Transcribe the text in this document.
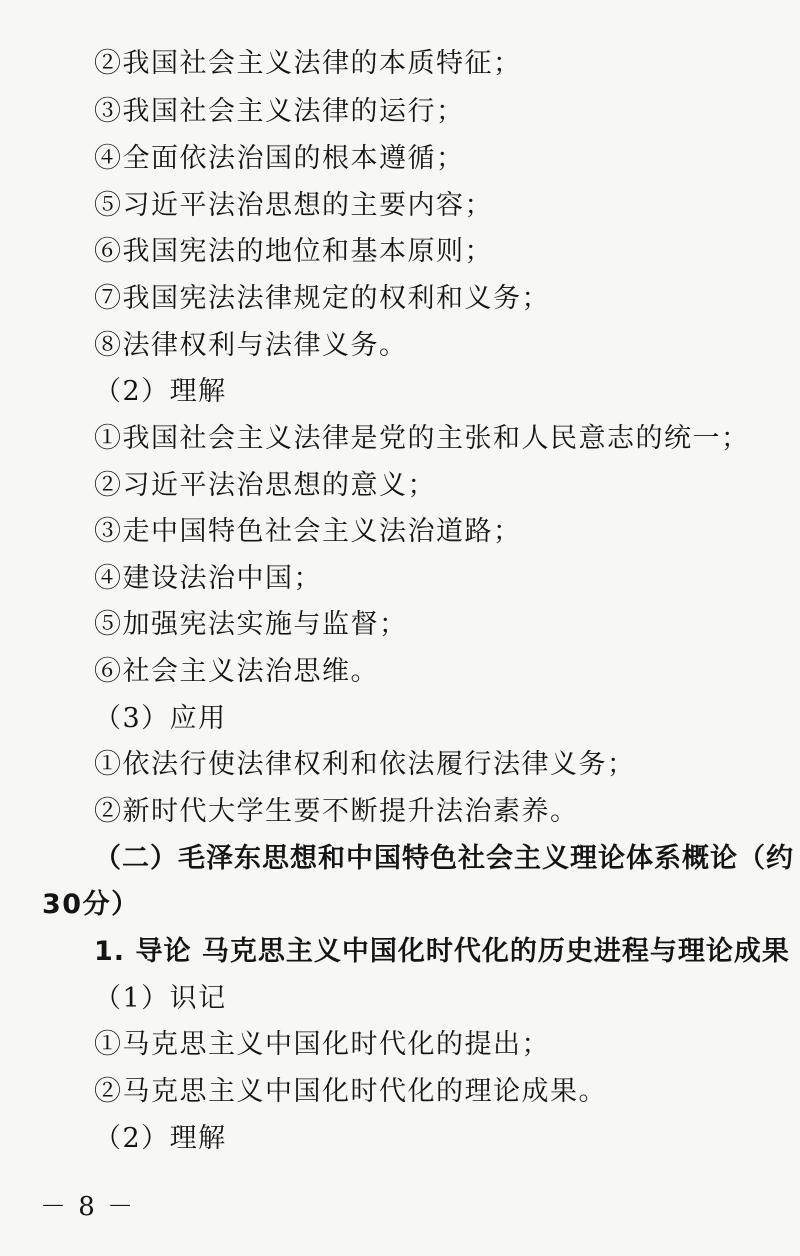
②我国社会主义法律的本质特征；
③我国社会主义法律的运行；
④全面依法治国的根本遵循；
⑤习近平法治思想的主要内容；
⑥我国宪法的地位和基本原则；
⑦我国宪法法律规定的权利和义务；
⑧法律权利与法律义务。
（2）理解
①我国社会主义法律是党的主张和人民意志的统一；
②习近平法治思想的意义；
③走中国特色社会主义法治道路；
④建设法治中国；
⑤加强宪法实施与监督；
⑥社会主义法治思维。
（3）应用
①依法行使法律权利和依法履行法律义务；
②新时代大学生要不断提升法治素养。
（二）毛泽东思想和中国特色社会主义理论体系概论（约
30分）
1. 导论 马克思主义中国化时代化的历史进程与理论成果
（1）识记
①马克思主义中国化时代化的提出；
②马克思主义中国化时代化的理论成果。
（2）理解
－ 8 －
